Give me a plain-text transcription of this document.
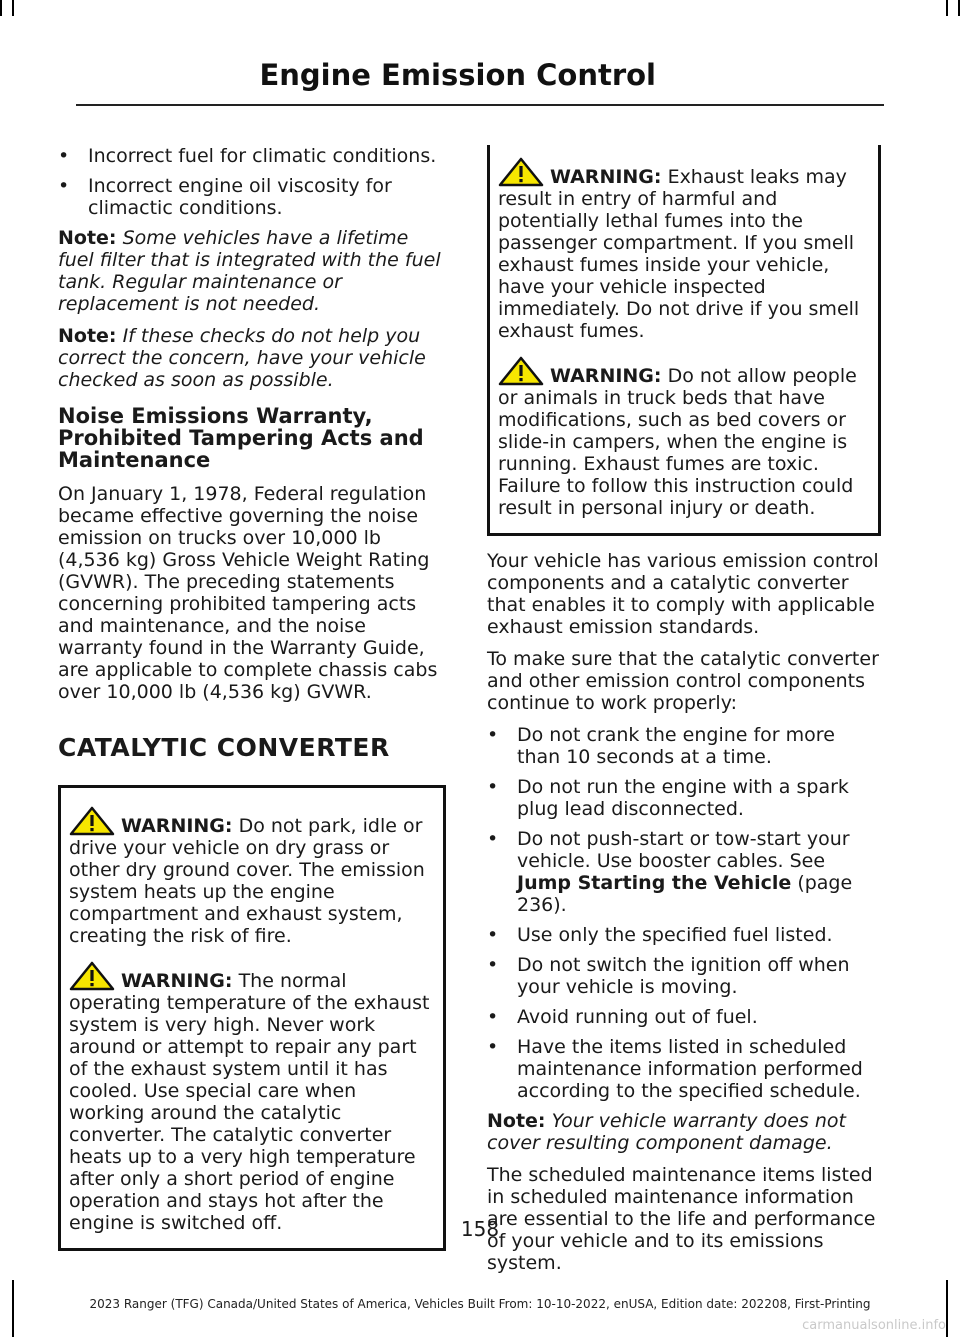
Engine Emission Control
• Incorrect fuel for climatic conditions.
• Incorrect engine oil viscosity for climactic conditions.

Note: Some vehicles have a lifetime fuel filter that is integrated with the fuel tank. Regular maintenance or replacement is not needed.

Note: If these checks do not help you correct the concern, have your vehicle checked as soon as possible.

Noise Emissions Warranty, Prohibited Tampering Acts and Maintenance

On January 1, 1978, Federal regulation became effective governing the noise emission on trucks over 10,000 lb (4,536 kg) Gross Vehicle Weight Rating (GVWR). The preceding statements concerning prohibited tampering acts and maintenance, and the noise warranty found in the Warranty Guide, are applicable to complete chassis cabs over 10,000 lb (4,536 kg) GVWR.

CATALYTIC CONVERTER

WARNING: Do not park, idle or drive your vehicle on dry grass or other dry ground cover. The emission system heats up the engine compartment and exhaust system, creating the risk of fire.

WARNING: The normal operating temperature of the exhaust system is very high. Never work around or attempt to repair any part of the exhaust system until it has cooled. Use special care when working around the catalytic converter. The catalytic converter heats up to a very high temperature after only a short period of engine operation and stays hot after the engine is switched off.

WARNING: Exhaust leaks may result in entry of harmful and potentially lethal fumes into the passenger compartment. If you smell exhaust fumes inside your vehicle, have your vehicle inspected immediately. Do not drive if you smell exhaust fumes.

WARNING: Do not allow people or animals in truck beds that have modifications, such as bed covers or slide-in campers, when the engine is running. Exhaust fumes are toxic. Failure to follow this instruction could result in personal injury or death.

Your vehicle has various emission control components and a catalytic converter that enables it to comply with applicable exhaust emission standards.

To make sure that the catalytic converter and other emission control components continue to work properly:

• Do not crank the engine for more than 10 seconds at a time.
• Do not run the engine with a spark plug lead disconnected.
• Do not push-start or tow-start your vehicle. Use booster cables. See Jump Starting the Vehicle (page 236).
• Use only the specified fuel listed.
• Do not switch the ignition off when your vehicle is moving.
• Avoid running out of fuel.
• Have the items listed in scheduled maintenance information performed according to the specified schedule.

Note: Your vehicle warranty does not cover resulting component damage.

The scheduled maintenance items listed in scheduled maintenance information are essential to the life and performance of your vehicle and to its emissions system.

158
2023 Ranger (TFG) Canada/United States of America, Vehicles Built From: 10-10-2022, enUSA, Edition date: 202208, First-Printing
carmanualsonline.info
